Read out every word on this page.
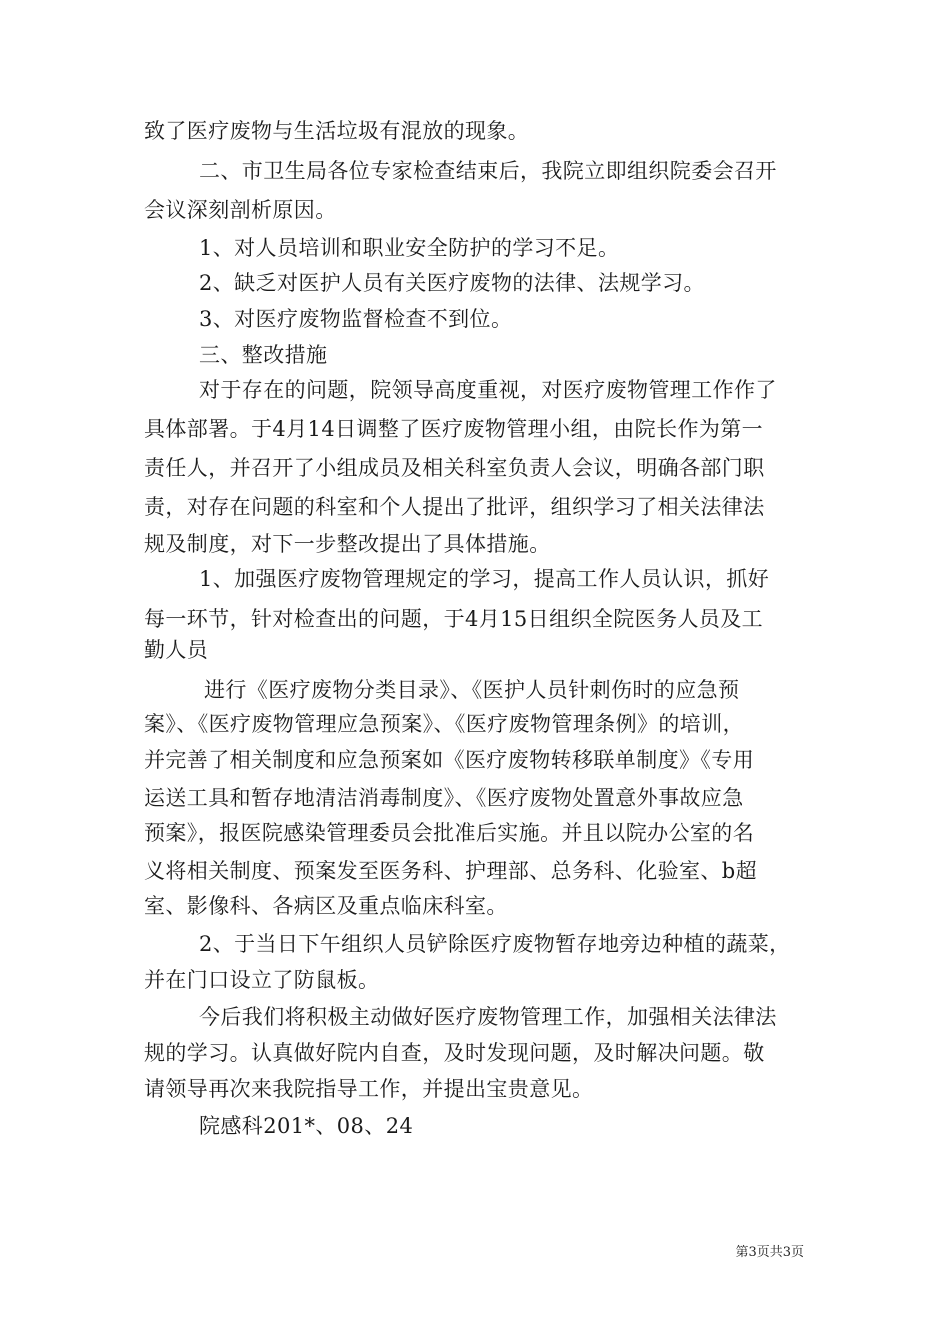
致了医疗废物与生活垃圾有混放的现象。
二、市卫生局各位专家检查结束后，我院立即组织院委会召开
会议深刻剖析原因。
1、对人员培训和职业安全防护的学习不足。
2、缺乏对医护人员有关医疗废物的法律、法规学习。
3、对医疗废物监督检查不到位。
三、整改措施
对于存在的问题，院领导高度重视，对医疗废物管理工作作了
具体部署。于4月14日调整了医疗废物管理小组，由院长作为第一
责任人，并召开了小组成员及相关科室负责人会议，明确各部门职
责，对存在问题的科室和个人提出了批评，组织学习了相关法律法
规及制度，对下一步整改提出了具体措施。
1、加强医疗废物管理规定的学习，提高工作人员认识，抓好
每一环节，针对检查出的问题，于4月15日组织全院医务人员及工
勤人员
进行《医疗废物分类目录》、《医护人员针刺伤时的应急预
案》、《医疗废物管理应急预案》、《医疗废物管理条例》的培训，
并完善了相关制度和应急预案如《医疗废物转移联单制度》《专用
运送工具和暂存地清洁消毒制度》、《医疗废物处置意外事故应急
预案》，报医院感染管理委员会批准后实施。并且以院办公室的名
义将相关制度、预案发至医务科、护理部、总务科、化验室、b超
室、影像科、各病区及重点临床科室。
2、于当日下午组织人员铲除医疗废物暂存地旁边种植的蔬菜，
并在门口设立了防鼠板。
今后我们将积极主动做好医疗废物管理工作，加强相关法律法
规的学习。认真做好院内自查，及时发现问题，及时解决问题。敬
请领导再次来我院指导工作，并提出宝贵意见。
院感科201*、08、24
第3页共3页
